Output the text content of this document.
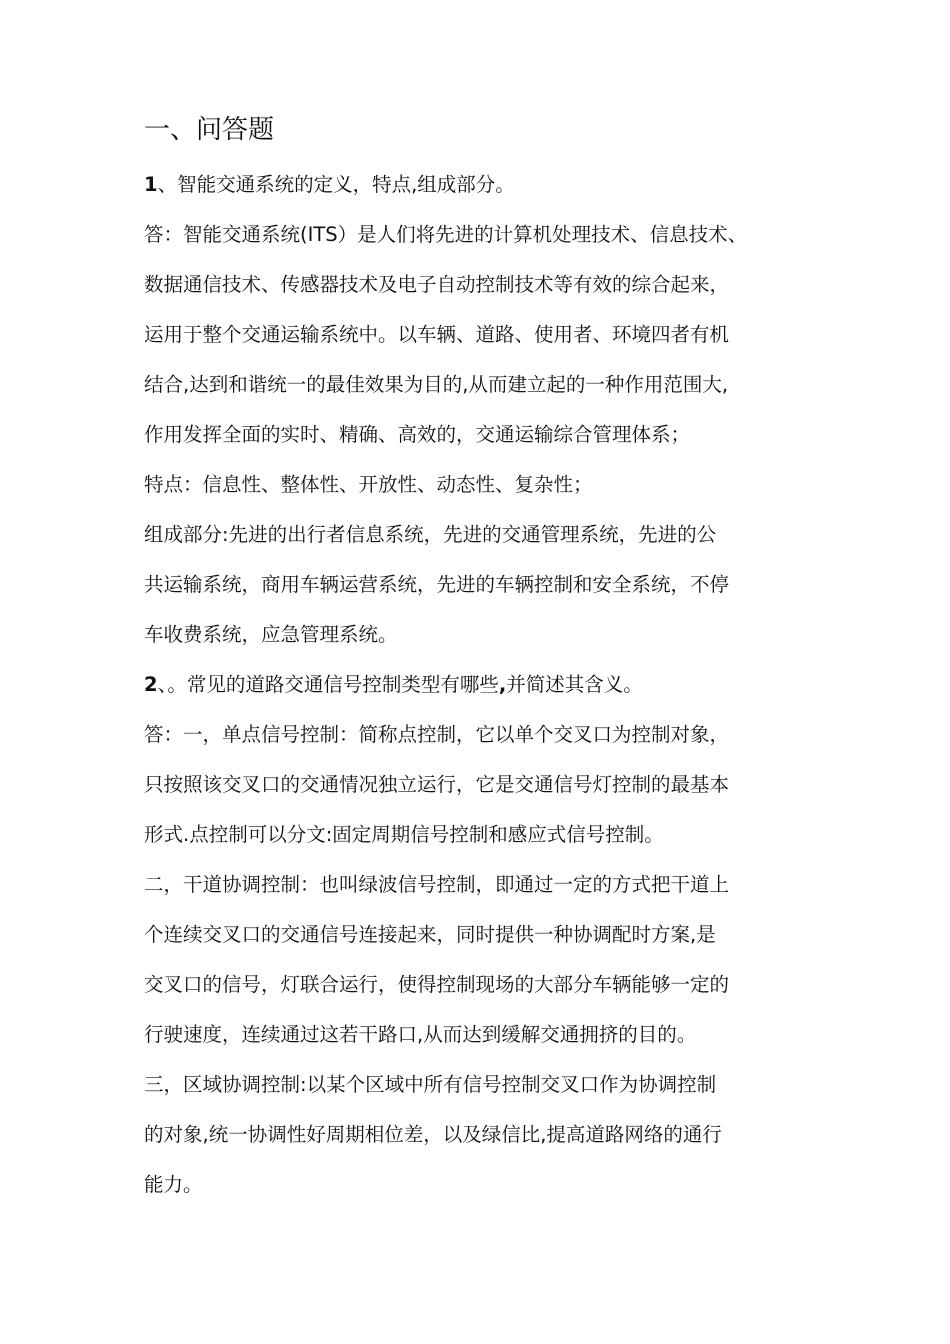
一、问答题

1、智能交通系统的定义，特点,组成部分。

答：智能交通系统(ITS）是人们将先进的计算机处理技术、信息技术、

数据通信技术、传感器技术及电子自动控制技术等有效的综合起来，

运用于整个交通运输系统中。以车辆、道路、使用者、环境四者有机

结合,达到和谐统一的最佳效果为目的,从而建立起的一种作用范围大,

作用发挥全面的实时、精确、高效的，交通运输综合管理体系；

特点：信息性、整体性、开放性、动态性、复杂性；

组成部分:先进的出行者信息系统，先进的交通管理系统，先进的公

共运输系统，商用车辆运营系统，先进的车辆控制和安全系统，不停

车收费系统，应急管理系统。

2、。常见的道路交通信号控制类型有哪些,并简述其含义。

答：一，单点信号控制：简称点控制，它以单个交叉口为控制对象，

只按照该交叉口的交通情况独立运行，它是交通信号灯控制的最基本

形式.点控制可以分文:固定周期信号控制和感应式信号控制。

二，干道协调控制：也叫绿波信号控制，即通过一定的方式把干道上

个连续交叉口的交通信号连接起来，同时提供一种协调配时方案,是

交叉口的信号，灯联合运行，使得控制现场的大部分车辆能够一定的

行驶速度，连续通过这若干路口,从而达到缓解交通拥挤的目的。

三，区域协调控制:以某个区域中所有信号控制交叉口作为协调控制

的对象,统一协调性好周期相位差，以及绿信比,提高道路网络的通行

能力。
